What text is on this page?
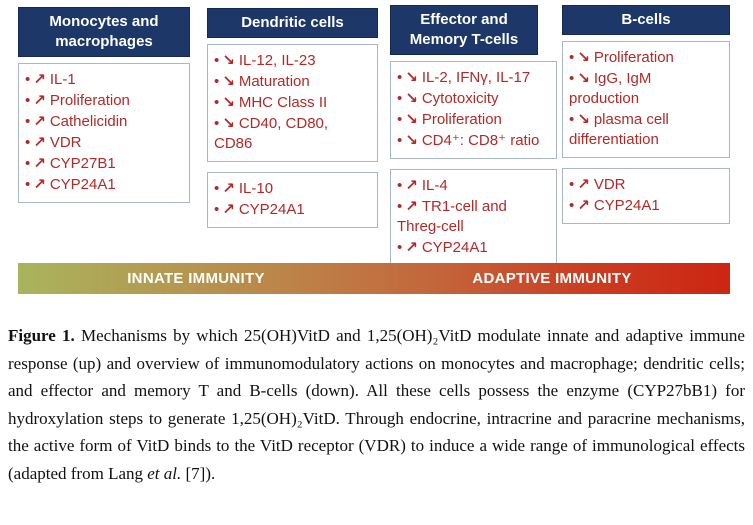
Monocytes and macrophages
• ↗ IL-1
• ↗ Proliferation
• ↗ Cathelicidin
• ↗ VDR
• ↗ CYP27B1
• ↗ CYP24A1
Dendritic cells
• ↘ IL-12, IL-23
• ↘ Maturation
• ↘ MHC Class II
• ↘ CD40, CD80, CD86
• ↗ IL-10
• ↗ CYP24A1
Effector and Memory T-cells
• ↘ IL-2, IFNγ, IL-17
• ↘ Cytotoxicity
• ↘ Proliferation
• ↘ CD4⁺: CD8⁺ ratio
• ↗ IL-4
• ↗ TR1-cell and Threg-cell
• ↗ CYP24A1
B-cells
• ↘ Proliferation
• ↘ IgG, IgM production
• ↘ plasma cell differentiation
• ↗ VDR
• ↗ CYP24A1
INNATE IMMUNITY	ADAPTIVE IMMUNITY

Figure 1. Mechanisms by which 25(OH)VitD and 1,25(OH)₂VitD modulate innate and adaptive immune response (up) and overview of immunomodulatory actions on monocytes and macrophage; dendritic cells; and effector and memory T and B-cells (down). All these cells possess the enzyme (CYP27bB1) for hydroxylation steps to generate 1,25(OH)₂VitD. Through endocrine, intracrine and paracrine mechanisms, the active form of VitD binds to the VitD receptor (VDR) to induce a wide range of immunological effects (adapted from Lang et al. [7]).
